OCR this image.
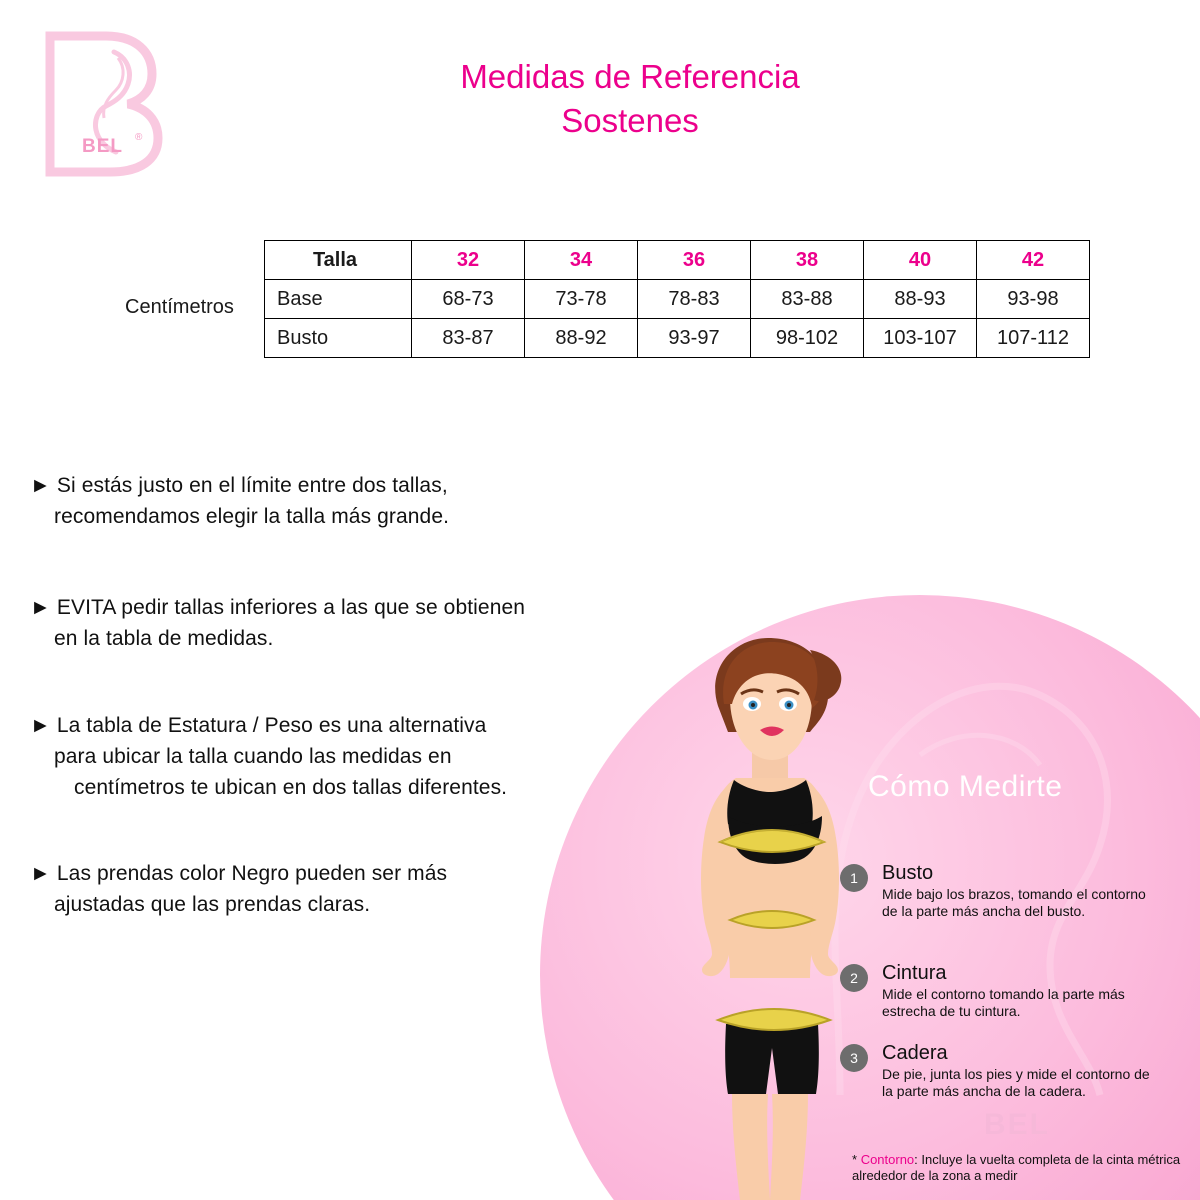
BEL ®
Medidas de Referencia
Sostenes
Centímetros
Talla	32	34	36	38	40	42
Base	68-73	73-78	78-83	83-88	88-93	93-98
Busto	83-87	88-92	93-97	98-102	103-107	107-112
► Si estás justo en el límite entre dos tallas,
recomendamos elegir la talla más grande.
► EVITA pedir tallas inferiores a las que se obtienen
en la tabla de medidas.
► La tabla de Estatura / Peso es una alternativa
para ubicar la talla cuando las medidas en
centímetros te ubican en dos tallas diferentes.
► Las prendas color Negro pueden ser más
ajustadas que las prendas claras.
BEL
Cómo Medirte
1	Busto
Mide bajo los brazos, tomando el contorno de la parte más ancha del busto.
2	Cintura
Mide el contorno tomando la parte más estrecha de tu cintura.
3	Cadera
De pie, junta los pies y mide el contorno de la parte más ancha de la cadera.
* Contorno: Incluye la vuelta completa de la cinta métrica alrededor de la zona a medir
